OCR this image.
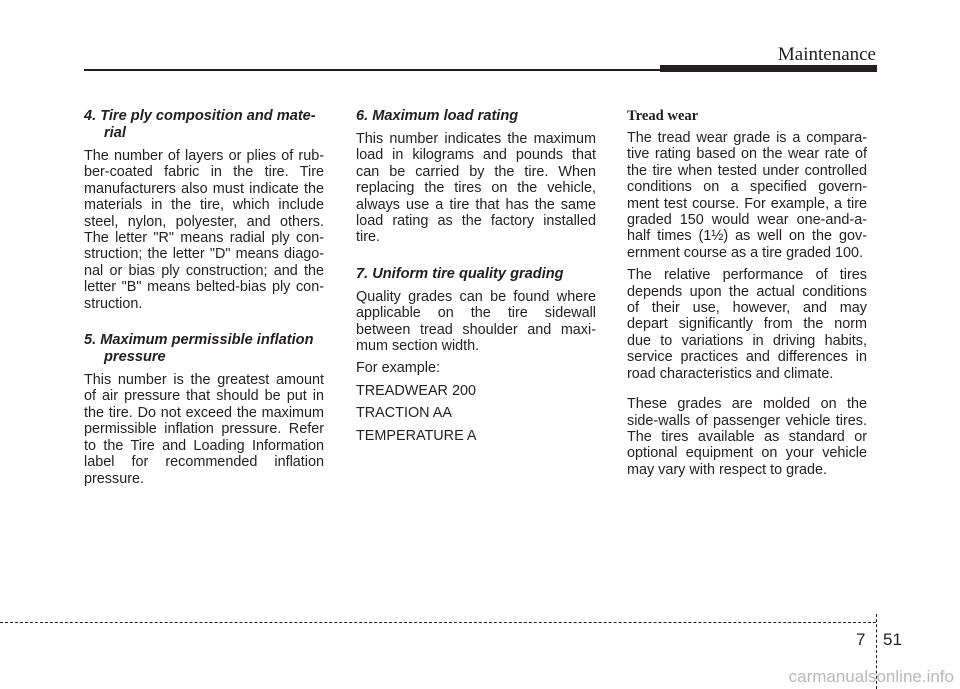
Maintenance
4. Tire ply composition and mate-
rial

The number of layers or plies of rub-ber-coated fabric in the tire. Tire manufacturers also must indicate the materials in the tire, which include steel, nylon, polyester, and others. The letter "R" means radial ply con-struction; the letter "D" means diago-nal or bias ply construction; and the letter "B" means belted-bias ply con-struction.

5. Maximum permissible inflation
pressure

This number is the greatest amount of air pressure that should be put in the tire. Do not exceed the maximum permissible inflation pressure. Refer to the Tire and Loading Information label for recommended inflation pressure.

6. Maximum load rating

This number indicates the maximum load in kilograms and pounds that can be carried by the tire. When replacing the tires on the vehicle, always use a tire that has the same load rating as the factory installed tire.

7. Uniform tire quality grading

Quality grades can be found where applicable on the tire sidewall between tread shoulder and maxi-mum section width.

For example:

TREADWEAR 200

TRACTION AA

TEMPERATURE A

Tread wear

The tread wear grade is a compara-tive rating based on the wear rate of the tire when tested under controlled conditions on a specified govern-ment test course. For example, a tire graded 150 would wear one-and-a-half times (1½) as well on the gov-ernment course as a tire graded 100.

The relative performance of tires depends upon the actual conditions of their use, however, and may depart significantly from the norm due to variations in driving habits, service practices and differences in road characteristics and climate.

These grades are molded on the side-walls of passenger vehicle tires. The tires available as standard or optional equipment on your vehicle may vary with respect to grade.

7 51
carmanualsonline.info
